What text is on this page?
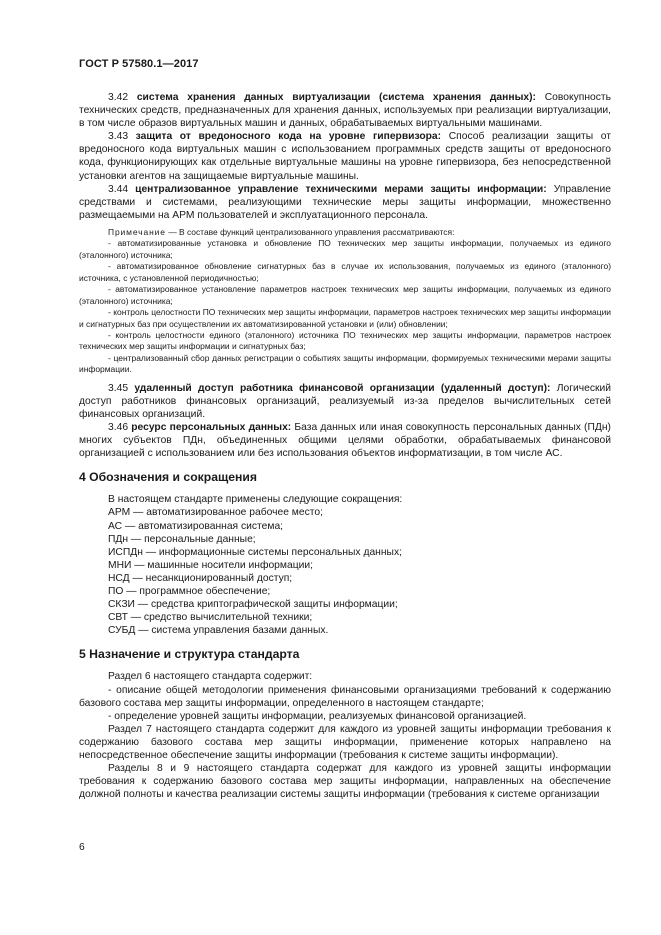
ГОСТ Р 57580.1—2017

3.42 система хранения данных виртуализации (система хранения данных): Совокупность технических средств, предназначенных для хранения данных, используемых при реализации виртуализации, в том числе образов виртуальных машин и данных, обрабатываемых виртуальными машинами.

3.43 защита от вредоносного кода на уровне гипервизора: Способ реализации защиты от вредоносного кода виртуальных машин с использованием программных средств защиты от вредоносного кода, функционирующих как отдельные виртуальные машины на уровне гипервизора, без непосредственной установки агентов на защищаемые виртуальные машины.

3.44 централизованное управление техническими мерами защиты информации: Управление средствами и системами, реализующими технические меры защиты информации, множественно размещаемыми на АРМ пользователей и эксплуатационного персонала.

Примечание — В составе функций централизованного управления рассматриваются:

- автоматизированные установка и обновление ПО технических мер защиты информации, получаемых из единого (эталонного) источника;

- автоматизированное обновление сигнатурных баз в случае их использования, получаемых из единого (эталонного) источника, с установленной периодичностью;

- автоматизированное установление параметров настроек технических мер защиты информации, получаемых из единого (эталонного) источника;

- контроль целостности ПО технических мер защиты информации, параметров настроек технических мер защиты информации и сигнатурных баз при осуществлении их автоматизированной установки и (или) обновлении;

- контроль целостности единого (эталонного) источника ПО технических мер защиты информации, параметров настроек технических мер защиты информации и сигнатурных баз;

- централизованный сбор данных регистрации о событиях защиты информации, формируемых техническими мерами защиты информации.

3.45 удаленный доступ работника финансовой организации (удаленный доступ): Логический доступ работников финансовых организаций, реализуемый из-за пределов вычислительных сетей финансовых организаций.

3.46 ресурс персональных данных: База данных или иная совокупность персональных данных (ПДн) многих субъектов ПДн, объединенных общими целями обработки, обрабатываемых финансовой организацией с использованием или без использования объектов информатизации, в том числе АС.

4 Обозначения и сокращения

В настоящем стандарте применены следующие сокращения:

АРМ — автоматизированное рабочее место;

АС — автоматизированная система;

ПДн — персональные данные;

ИСПДн — информационные системы персональных данных;

МНИ — машинные носители информации;

НСД — несанкционированный доступ;

ПО — программное обеспечение;

СКЗИ — средства криптографической защиты информации;

СВТ — средство вычислительной техники;

СУБД — система управления базами данных.

5 Назначение и структура стандарта

Раздел 6 настоящего стандарта содержит:

- описание общей методологии применения финансовыми организациями требований к содержанию базового состава мер защиты информации, определенного в настоящем стандарте;

- определение уровней защиты информации, реализуемых финансовой организацией.

Раздел 7 настоящего стандарта содержит для каждого из уровней защиты информации требования к содержанию базового состава мер защиты информации, применение которых направлено на непосредственное обеспечение защиты информации (требования к системе защиты информации).

Разделы 8 и 9 настоящего стандарта содержат для каждого из уровней защиты информации требования к содержанию базового состава мер защиты информации, направленных на обеспечение должной полноты и качества реализации системы защиты информации (требования к системе организации

6
